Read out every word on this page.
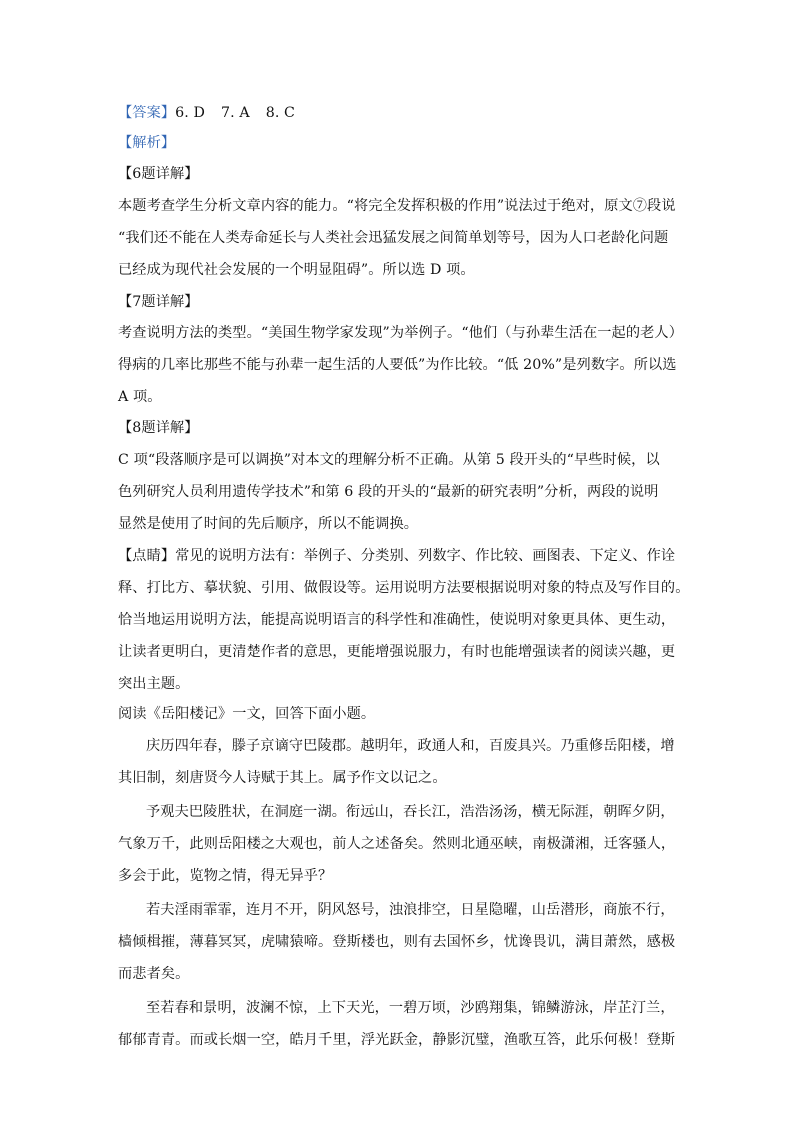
【答案】6. D 7. A 8. C
【解析】
【6题详解】
本题考查学生分析文章内容的能力。“将完全发挥积极的作用”说法过于绝对，原文⑦段说
“我们还不能在人类寿命延长与人类社会迅猛发展之间简单划等号，因为人口老龄化问题
已经成为现代社会发展的一个明显阻碍”。所以选 D 项。
【7题详解】
考查说明方法的类型。“美国生物学家发现”为举例子。“他们（与孙辈生活在一起的老人）
得病的几率比那些不能与孙辈一起生活的人要低”为作比较。“低 20%”是列数字。所以选
A 项。
【8题详解】
C 项“段落顺序是可以调换”对本文的理解分析不正确。从第 5 段开头的“早些时候，以
色列研究人员利用遗传学技术”和第 6 段的开头的“最新的研究表明”分析，两段的说明
显然是使用了时间的先后顺序，所以不能调换。
【点睛】常见的说明方法有：举例子、分类别、列数字、作比较、画图表、下定义、作诠
释、打比方、摹状貌、引用、做假设等。运用说明方法要根据说明对象的特点及写作目的。
恰当地运用说明方法，能提高说明语言的科学性和准确性，使说明对象更具体、更生动，
让读者更明白，更清楚作者的意思，更能增强说服力，有时也能增强读者的阅读兴趣，更
突出主题。
阅读《岳阳楼记》一文，回答下面小题。
庆历四年春，滕子京谪守巴陵郡。越明年，政通人和，百废具兴。乃重修岳阳楼，增
其旧制，刻唐贤今人诗赋于其上。属予作文以记之。
予观夫巴陵胜状，在洞庭一湖。衔远山，吞长江，浩浩汤汤，横无际涯，朝晖夕阴，
气象万千，此则岳阳楼之大观也，前人之述备矣。然则北通巫峡，南极潇湘，迁客骚人，
多会于此，览物之情，得无异乎？
若夫淫雨霏霏，连月不开，阴风怒号，浊浪排空，日星隐曜，山岳潜形，商旅不行，
樯倾楫摧，薄暮冥冥，虎啸猿啼。登斯楼也，则有去国怀乡，忧谗畏讥，满目萧然，感极
而悲者矣。
至若春和景明，波澜不惊，上下天光，一碧万顷，沙鸥翔集，锦鳞游泳，岸芷汀兰，
郁郁青青。而或长烟一空，皓月千里，浮光跃金，静影沉璧，渔歌互答，此乐何极！登斯
